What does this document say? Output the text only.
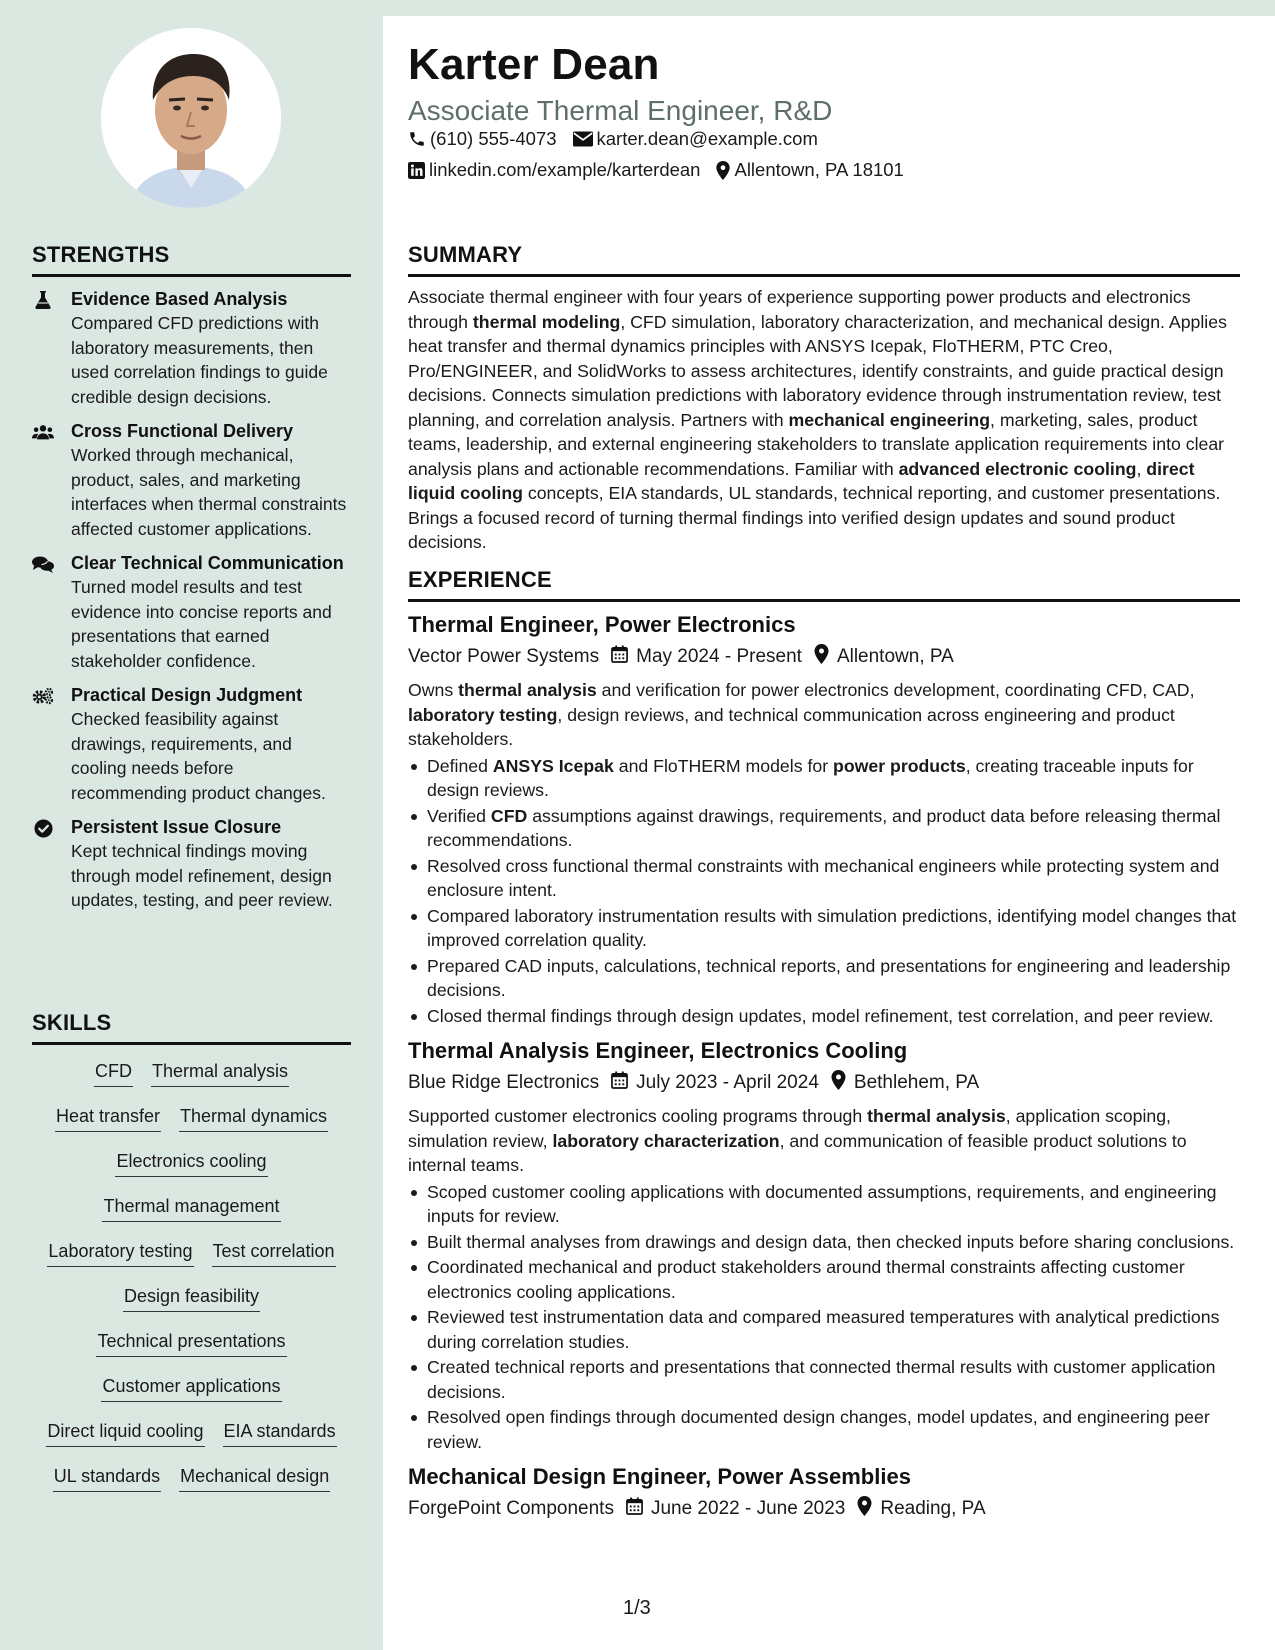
Karter Dean
Associate Thermal Engineer, R&D
(610) 555-4073 karter.dean@example.com
linkedin.com/example/karterdean Allentown, PA 18101
STRENGTHS
Evidence Based Analysis
Compared CFD predictions with laboratory measurements, then used correlation findings to guide credible design decisions.
Cross Functional Delivery
Worked through mechanical, product, sales, and marketing interfaces when thermal constraints affected customer applications.
Clear Technical Communication
Turned model results and test evidence into concise reports and presentations that earned stakeholder confidence.
Practical Design Judgment
Checked feasibility against drawings, requirements, and cooling needs before recommending product changes.
Persistent Issue Closure
Kept technical findings moving through model refinement, design updates, testing, and peer review.
SKILLS
CFD Thermal analysis
Heat transfer Thermal dynamics
Electronics cooling
Thermal management
Laboratory testing Test correlation
Design feasibility
Technical presentations
Customer applications
Direct liquid cooling EIA standards
UL standards Mechanical design
SUMMARY
Associate thermal engineer with four years of experience supporting power products and electronics through thermal modeling, CFD simulation, laboratory characterization, and mechanical design. Applies heat transfer and thermal dynamics principles with ANSYS Icepak, FloTHERM, PTC Creo, Pro/ENGINEER, and SolidWorks to assess architectures, identify constraints, and guide practical design decisions. Connects simulation predictions with laboratory evidence through instrumentation review, test planning, and correlation analysis. Partners with mechanical engineering, marketing, sales, product teams, leadership, and external engineering stakeholders to translate application requirements into clear analysis plans and actionable recommendations. Familiar with advanced electronic cooling, direct liquid cooling concepts, EIA standards, UL standards, technical reporting, and customer presentations. Brings a focused record of turning thermal findings into verified design updates and sound product decisions.
EXPERIENCE
Thermal Engineer, Power Electronics
Vector Power Systems May 2024 - Present Allentown, PA
Owns thermal analysis and verification for power electronics development, coordinating CFD, CAD, laboratory testing, design reviews, and technical communication across engineering and product stakeholders.
Defined ANSYS Icepak and FloTHERM models for power products, creating traceable inputs for design reviews.
Verified CFD assumptions against drawings, requirements, and product data before releasing thermal recommendations.
Resolved cross functional thermal constraints with mechanical engineers while protecting system and enclosure intent.
Compared laboratory instrumentation results with simulation predictions, identifying model changes that improved correlation quality.
Prepared CAD inputs, calculations, technical reports, and presentations for engineering and leadership decisions.
Closed thermal findings through design updates, model refinement, test correlation, and peer review.
Thermal Analysis Engineer, Electronics Cooling
Blue Ridge Electronics July 2023 - April 2024 Bethlehem, PA
Supported customer electronics cooling programs through thermal analysis, application scoping, simulation review, laboratory characterization, and communication of feasible product solutions to internal teams.
Scoped customer cooling applications with documented assumptions, requirements, and engineering inputs for review.
Built thermal analyses from drawings and design data, then checked inputs before sharing conclusions.
Coordinated mechanical and product stakeholders around thermal constraints affecting customer electronics cooling applications.
Reviewed test instrumentation data and compared measured temperatures with analytical predictions during correlation studies.
Created technical reports and presentations that connected thermal results with customer application decisions.
Resolved open findings through documented design changes, model updates, and engineering peer review.
Mechanical Design Engineer, Power Assemblies
ForgePoint Components June 2022 - June 2023 Reading, PA
1/3
